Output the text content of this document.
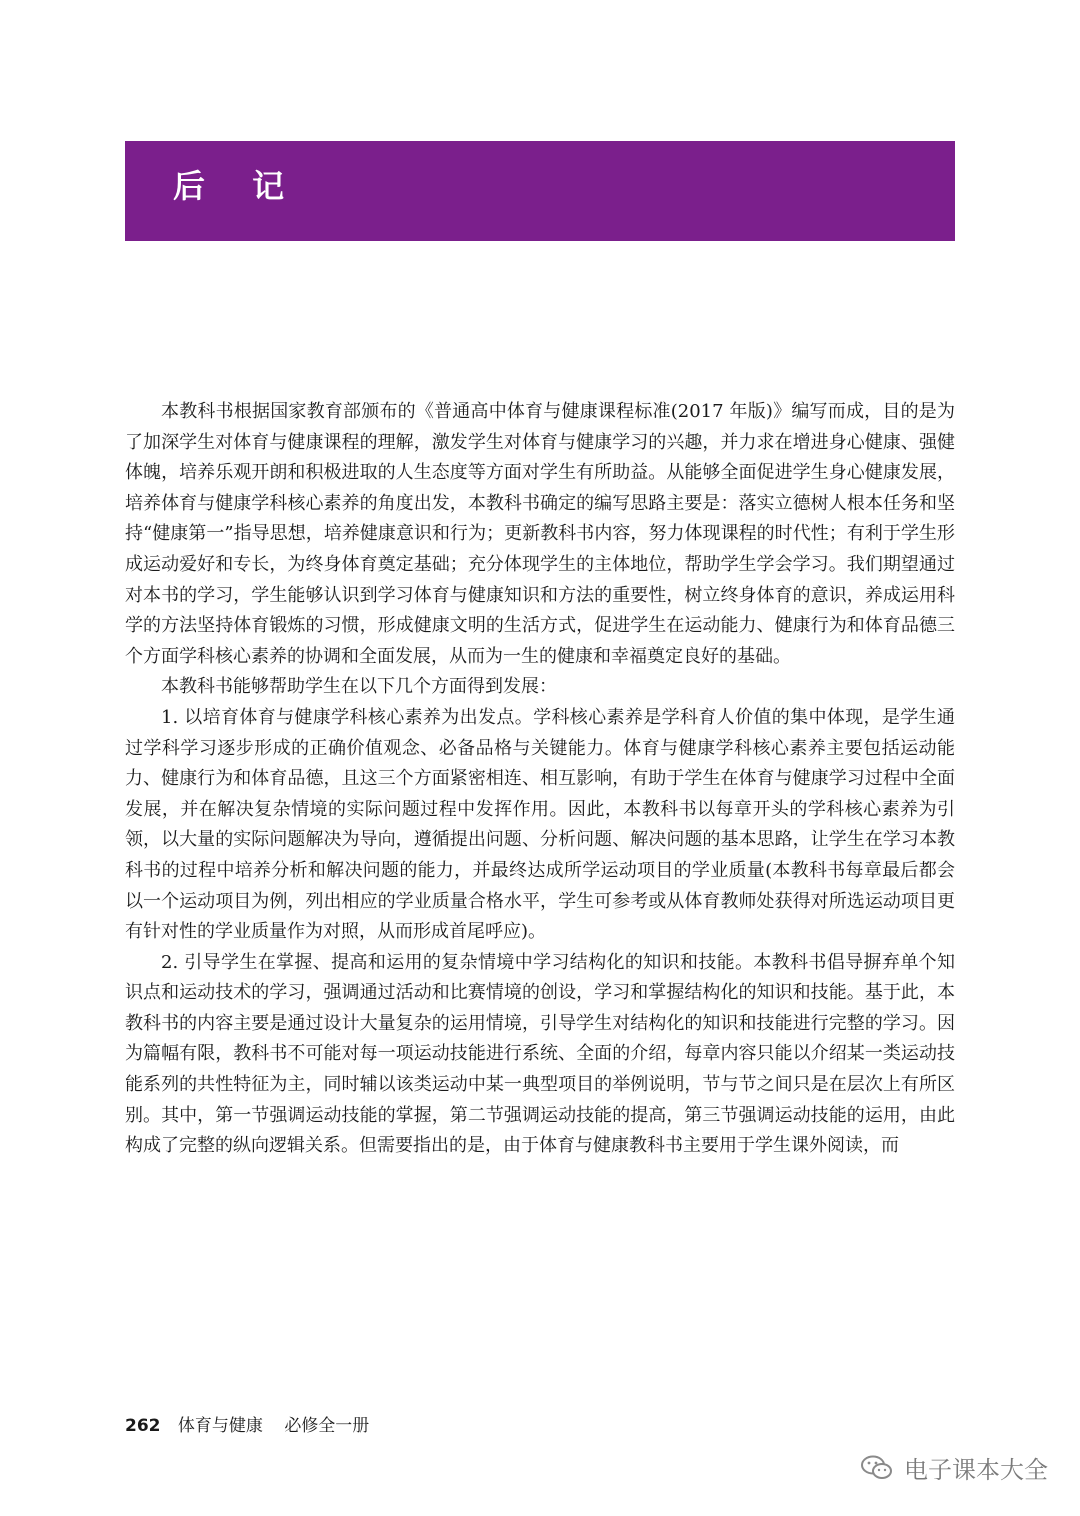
后 记

本教科书根据国家教育部颁布的《普通高中体育与健康课程标准(2017 年版)》编写而成，目的是为了加深学生对体育与健康课程的理解，激发学生对体育与健康学习的兴趣，并力求在增进身心健康、强健体魄，培养乐观开朗和积极进取的人生态度等方面对学生有所助益。从能够全面促进学生身心健康发展，培养体育与健康学科核心素养的角度出发，本教科书确定的编写思路主要是：落实立德树人根本任务和坚持“健康第一”指导思想，培养健康意识和行为；更新教科书内容，努力体现课程的时代性；有利于学生形成运动爱好和专长，为终身体育奠定基础；充分体现学生的主体地位，帮助学生学会学习。我们期望通过对本书的学习，学生能够认识到学习体育与健康知识和方法的重要性，树立终身体育的意识，养成运用科学的方法坚持体育锻炼的习惯，形成健康文明的生活方式，促进学生在运动能力、健康行为和体育品德三个方面学科核心素养的协调和全面发展，从而为一生的健康和幸福奠定良好的基础。

本教科书能够帮助学生在以下几个方面得到发展：

1. 以培育体育与健康学科核心素养为出发点。学科核心素养是学科育人价值的集中体现，是学生通过学科学习逐步形成的正确价值观念、必备品格与关键能力。体育与健康学科核心素养主要包括运动能力、健康行为和体育品德，且这三个方面紧密相连、相互影响，有助于学生在体育与健康学习过程中全面发展，并在解决复杂情境的实际问题过程中发挥作用。因此，本教科书以每章开头的学科核心素养为引领，以大量的实际问题解决为导向，遵循提出问题、分析问题、解决问题的基本思路，让学生在学习本教科书的过程中培养分析和解决问题的能力，并最终达成所学运动项目的学业质量(本教科书每章最后都会以一个运动项目为例，列出相应的学业质量合格水平，学生可参考或从体育教师处获得对所选运动项目更有针对性的学业质量作为对照，从而形成首尾呼应)。

2. 引导学生在掌握、提高和运用的复杂情境中学习结构化的知识和技能。本教科书倡导摒弃单个知识点和运动技术的学习，强调通过活动和比赛情境的创设，学习和掌握结构化的知识和技能。基于此，本教科书的内容主要是通过设计大量复杂的运用情境，引导学生对结构化的知识和技能进行完整的学习。因为篇幅有限，教科书不可能对每一项运动技能进行系统、全面的介绍，每章内容只能以介绍某一类运动技能系列的共性特征为主，同时辅以该类运动中某一典型项目的举例说明，节与节之间只是在层次上有所区别。其中，第一节强调运动技能的掌握，第二节强调运动技能的提高，第三节强调运动技能的运用，由此构成了完整的纵向逻辑关系。但需要指出的是，由于体育与健康教科书主要用于学生课外阅读，而

262 体育与健康 必修全一册
电子课本大全
